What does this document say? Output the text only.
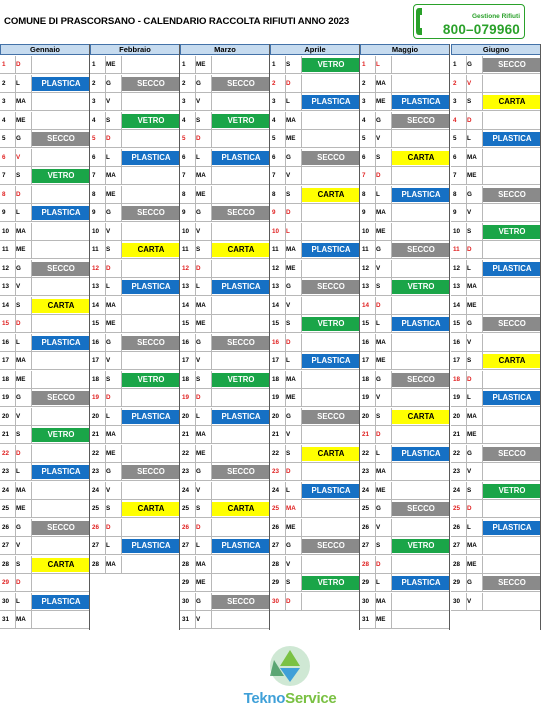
COMUNE DI PRASCORSANO - CALENDARIO RACCOLTA RIFIUTI ANNO 2023	Gestione Rifiuti
800–079960
Gennaio
1	D
2	L	PLASTICA
3	MA
4	ME
5	G	SECCO
6	V
7	S	VETRO
8	D
9	L	PLASTICA
10	MA
11	ME
12	G	SECCO
13	V
14	S	CARTA
15	D
16	L	PLASTICA
17	MA
18	ME
19	G	SECCO
20	V
21	S	VETRO
22	D
23	L	PLASTICA
24	MA
25	ME
26	G	SECCO
27	V
28	S	CARTA
29	D
30	L	PLASTICA
31	MA
Febbraio
1	ME
2	G	SECCO
3	V
4	S	VETRO
5	D
6	L	PLASTICA
7	MA
8	ME
9	G	SECCO
10	V
11	S	CARTA
12	D
13	L	PLASTICA
14	MA
15	ME
16	G	SECCO
17	V
18	S	VETRO
19	D
20	L	PLASTICA
21	MA
22	ME
23	G	SECCO
24	V
25	S	CARTA
26	D
27	L	PLASTICA
28	MA
Marzo
1	ME
2	G	SECCO
3	V
4	S	VETRO
5	D
6	L	PLASTICA
7	MA
8	ME
9	G	SECCO
10	V
11	S	CARTA
12	D
13	L	PLASTICA
14	MA
15	ME
16	G	SECCO
17	V
18	S	VETRO
19	D
20	L	PLASTICA
21	MA
22	ME
23	G	SECCO
24	V
25	S	CARTA
26	D
27	L	PLASTICA
28	MA
29	ME
30	G	SECCO
31	V
Aprile
1	S	VETRO
2	D
3	L	PLASTICA
4	MA
5	ME
6	G	SECCO
7	V
8	S	CARTA
9	D
10	L
11	MA	PLASTICA
12	ME
13	G	SECCO
14	V
15	S	VETRO
16	D
17	L	PLASTICA
18	MA
19	ME
20	G	SECCO
21	V
22	S	CARTA
23	D
24	L	PLASTICA
25	MA
26	ME
27	G	SECCO
28	V
29	S	VETRO
30	D
Maggio
1	L
2	MA
3	ME	PLASTICA
4	G	SECCO
5	V
6	S	CARTA
7	D
8	L	PLASTICA
9	MA
10	ME
11	G	SECCO
12	V
13	S	VETRO
14	D
15	L	PLASTICA
16	MA
17	ME
18	G	SECCO
19	V
20	S	CARTA
21	D
22	L	PLASTICA
23	MA
24	ME
25	G	SECCO
26	V
27	S	VETRO
28	D
29	L	PLASTICA
30	MA
31	ME
Giugno
1	G	SECCO
2	V
3	S	CARTA
4	D
5	L	PLASTICA
6	MA
7	ME
8	G	SECCO
9	V
10	S	VETRO
11	D
12	L	PLASTICA
13	MA
14	ME
15	G	SECCO
16	V
17	S	CARTA
18	D
19	L	PLASTICA
20	MA
21	ME
22	G	SECCO
23	V
24	S	VETRO
25	D
26	L	PLASTICA
27	MA
28	ME
29	G	SECCO
30	V
TeknoService
